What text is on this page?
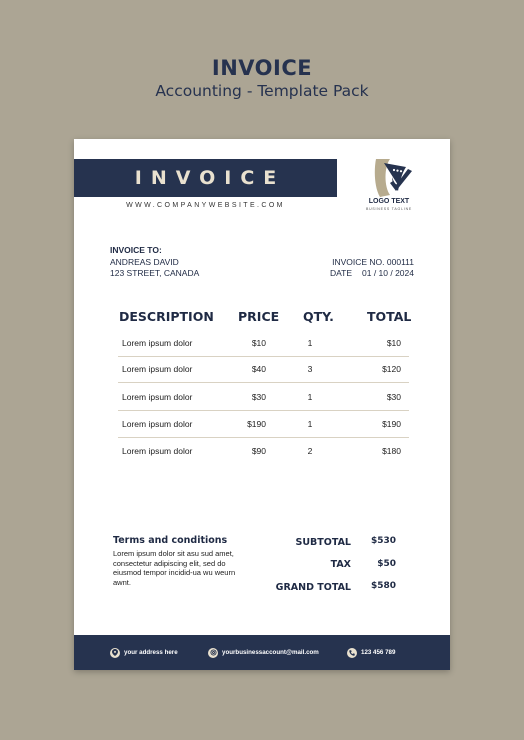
INVOICE
Accounting - Template Pack
INVOICE
WWW.COMPANYWEBSITE.COM
LOGO TEXT
BUSINESS TAGLINE
INVOICE TO:
ANDREAS DAVID
123 STREET, CANADA
INVOICE NO. 000111
DATE 01 / 10 / 2024
DESCRIPTION PRICE QTY.	TOTAL
Lorem ipsum dolor	$10	1	$10
Lorem ipsum dolor	$40	3	$120
Lorem ipsum dolor	$30	1	$30
Lorem ipsum dolor	$190	1	$190
Lorem ipsum dolor	$90	2	$180
Terms and conditions
Lorem ipsum dolor sit asu sud amet, consectetur adipiscing elit, sed do eiusmod tempor incidid-ua wu weurn awnt.
SUBTOTAL	$530
TAX	$50
GRAND TOTAL	$580
your address here	yourbusinessaccount@mail.com	123 456 789
